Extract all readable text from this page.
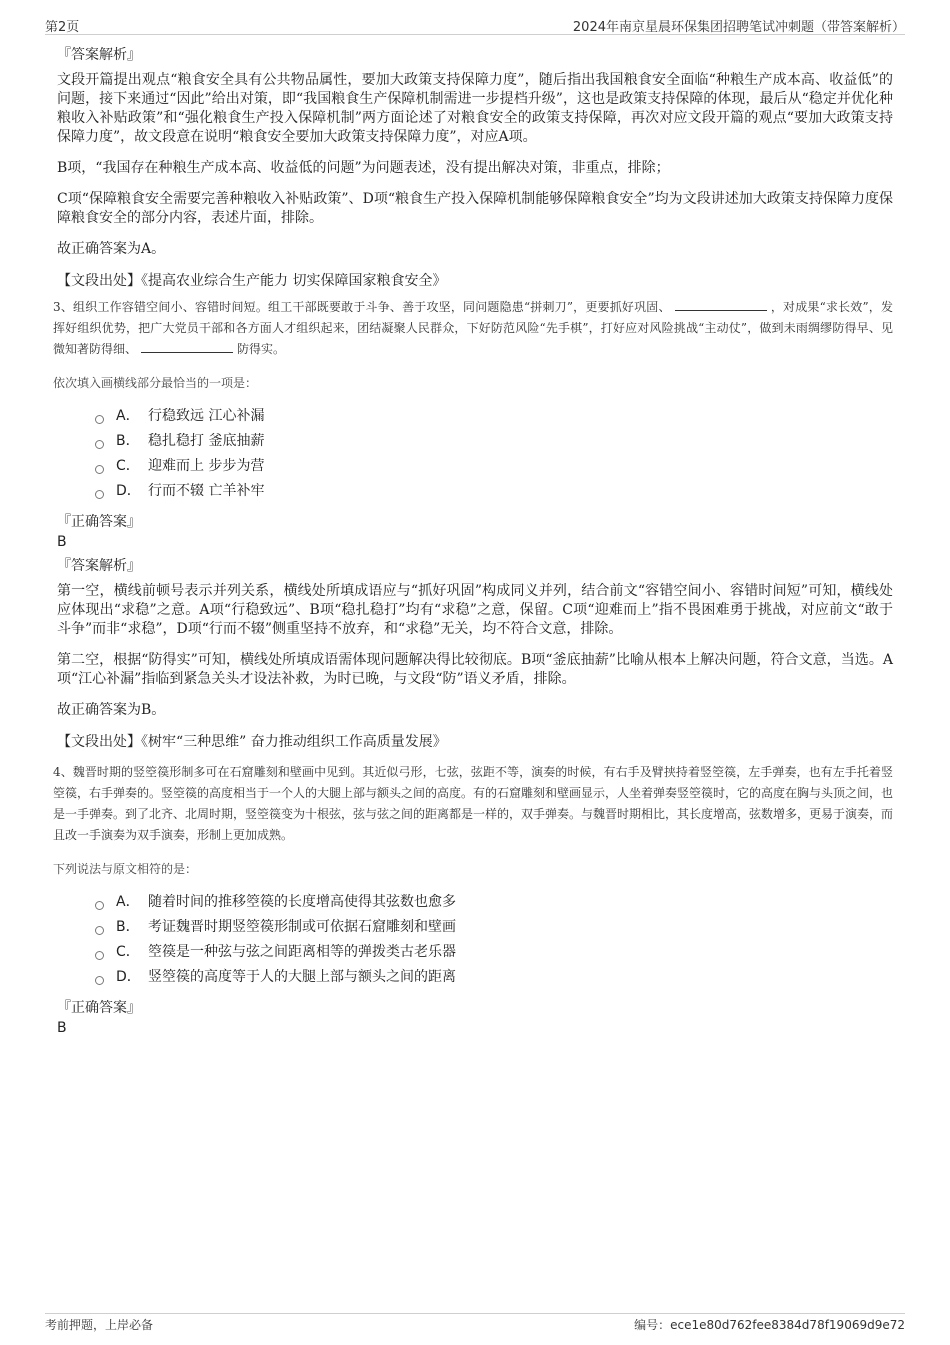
第2页	2024年南京星晨环保集团招聘笔试冲刺题（带答案解析）
『答案解析』

文段开篇提出观点“粮食安全具有公共物品属性，要加大政策支持保障力度”，随后指出我国粮食安全面临“种粮生产成本高、收益低”的问题，接下来通过“因此”给出对策，即“我国粮食生产保障机制需进一步提档升级”，这也是政策支持保障的体现，最后从“稳定并优化种粮收入补贴政策”和“强化粮食生产投入保障机制”两方面论述了对粮食安全的政策支持保障，再次对应文段开篇的观点“要加大政策支持保障力度”，故文段意在说明“粮食安全要加大政策支持保障力度”，对应A项。

B项，“我国存在种粮生产成本高、收益低的问题”为问题表述，没有提出解决对策，非重点，排除；

C项“保障粮食安全需要完善种粮收入补贴政策”、D项“粮食生产投入保障机制能够保障粮食安全”均为文段讲述加大政策支持保障力度保障粮食安全的部分内容，表述片面，排除。

故正确答案为A。

【文段出处】《提高农业综合生产能力 切实保障国家粮食安全》

3、组织工作容错空间小、容错时间短。组工干部既要敢于斗争、善于攻坚，同问题隐患“拼刺刀”，更要抓好巩固、	，对成果“求长效”，发挥好组织优势，把广大党员干部和各方面人才组织起来，团结凝聚人民群众，下好防范风险“先手棋”，打好应对风险挑战“主动仗”，做到未雨绸缪防得早、见微知著防得细、	防得实。

依次填入画横线部分最恰当的一项是：
A． 行稳致远 江心补漏
B． 稳扎稳打 釜底抽薪
C． 迎难而上 步步为营
D． 行而不辍 亡羊补牢
『正确答案』
B
『答案解析』

第一空，横线前顿号表示并列关系，横线处所填成语应与“抓好巩固”构成同义并列，结合前文“容错空间小、容错时间短”可知，横线处应体现出“求稳”之意。A项“行稳致远”、B项“稳扎稳打”均有“求稳”之意，保留。C项“迎难而上”指不畏困难勇于挑战，对应前文“敢于斗争”而非“求稳”，D项“行而不辍”侧重坚持不放弃，和“求稳”无关，均不符合文意，排除。

第二空，根据“防得实”可知，横线处所填成语需体现问题解决得比较彻底。B项“釜底抽薪”比喻从根本上解决问题，符合文意，当选。A项“江心补漏”指临到紧急关头才设法补救，为时已晚，与文段“防”语义矛盾，排除。

故正确答案为B。

【文段出处】《树牢“三种思维” 奋力推动组织工作高质量发展》

4、魏晋时期的竖箜篌形制多可在石窟雕刻和壁画中见到。其近似弓形，七弦，弦距不等，演奏的时候，有右手及臂挟持着竖箜篌，左手弹奏，也有左手托着竖箜篌，右手弹奏的。竖箜篌的高度相当于一个人的大腿上部与额头之间的高度。有的石窟雕刻和壁画显示，人坐着弹奏竖箜篌时，它的高度在胸与头顶之间，也是一手弹奏。到了北齐、北周时期，竖箜篌变为十根弦，弦与弦之间的距离都是一样的，双手弹奏。与魏晋时期相比，其长度增高，弦数增多，更易于演奏，而且改一手演奏为双手演奏，形制上更加成熟。

下列说法与原文相符的是：
A． 随着时间的推移箜篌的长度增高使得其弦数也愈多
B． 考证魏晋时期竖箜篌形制或可依据石窟雕刻和壁画
C． 箜篌是一种弦与弦之间距离相等的弹拨类古老乐器
D． 竖箜篌的高度等于人的大腿上部与额头之间的距离
『正确答案』
B
考前押题，上岸必备	编号：ece1e80d762fee8384d78f19069d9e72
